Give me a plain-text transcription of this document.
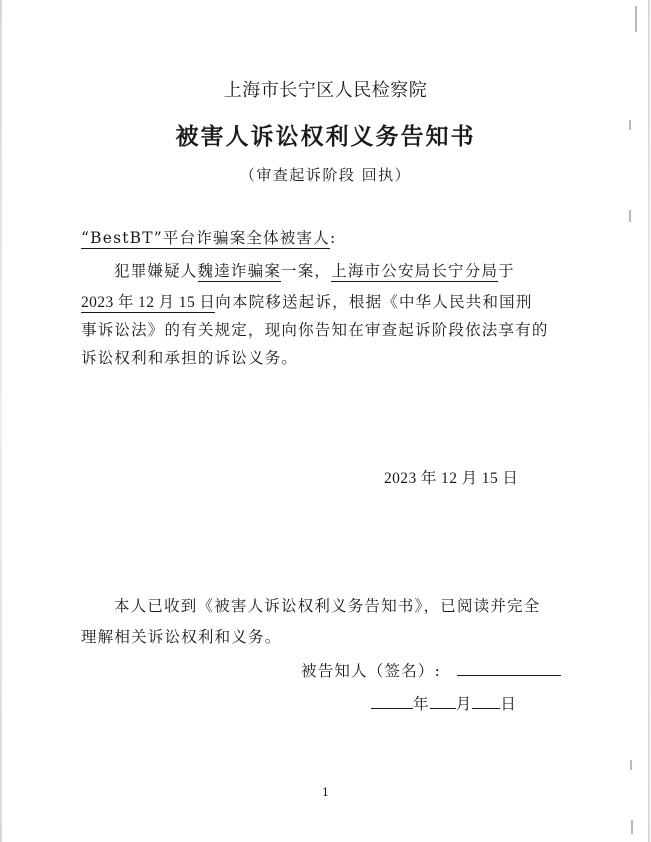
上海市长宁区人民检察院
被害人诉讼权利义务告知书
（审查起诉阶段 回执）
“BestBT”平台诈骗案全体被害人:
犯罪嫌疑人魏逵诈骗案一案，上海市公安局长宁分局于
2023 年 12 月 15 日向本院移送起诉，根据《中华人民共和国刑
事诉讼法》的有关规定，现向你告知在审查起诉阶段依法享有的
诉讼权利和承担的诉讼义务。
2023 年 12 月 15 日
本人已收到《被害人诉讼权利义务告知书》，已阅读并完全
理解相关诉讼权利和义务。
被告知人（签名）:
年 月 日
1
